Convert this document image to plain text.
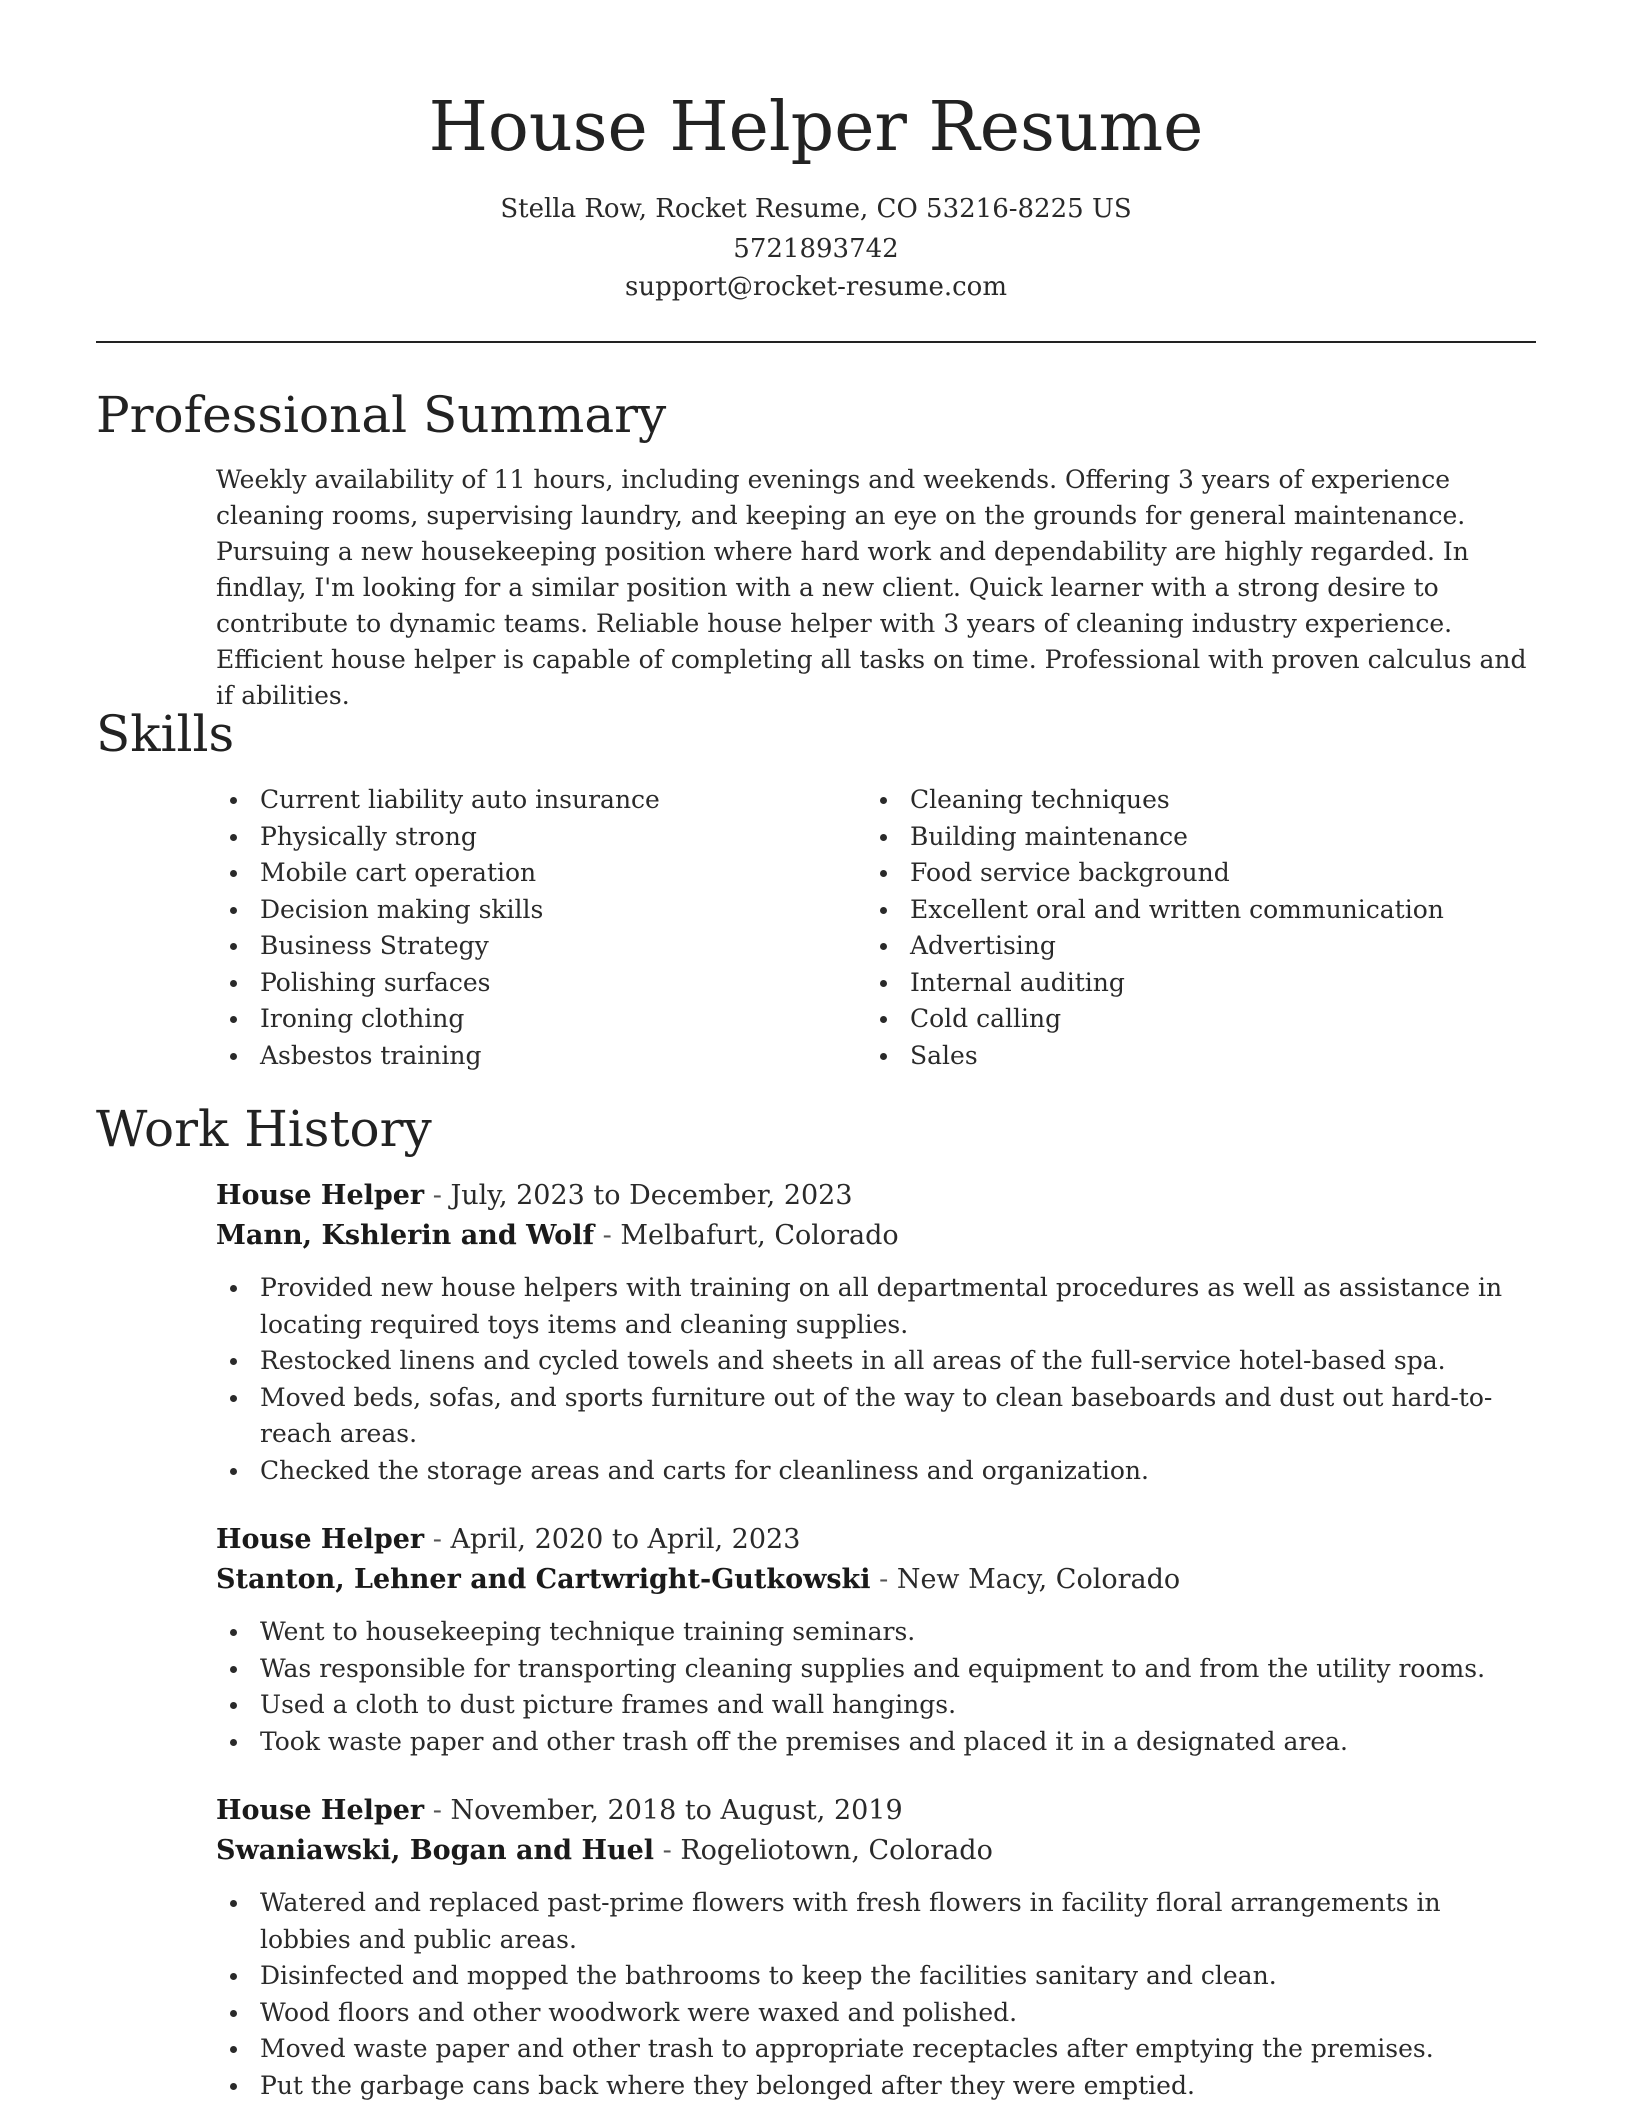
House Helper Resume
Stella Row, Rocket Resume, CO 53216-8225 US
5721893742
support@rocket-resume.com
Professional Summary

Weekly availability of 11 hours, including evenings and weekends. Offering 3 years of experience cleaning rooms, supervising laundry, and keeping an eye on the grounds for general maintenance. Pursuing a new housekeeping position where hard work and dependability are highly regarded. In findlay, I'm looking for a similar position with a new client. Quick learner with a strong desire to contribute to dynamic teams. Reliable house helper with 3 years of cleaning industry experience. Efficient house helper is capable of completing all tasks on time. Professional with proven calculus and if abilities.

Skills
Current liability auto insurance
Physically strong
Mobile cart operation
Decision making skills
Business Strategy
Polishing surfaces
Ironing clothing
Asbestos training
Cleaning techniques
Building maintenance
Food service background
Excellent oral and written communication
Advertising
Internal auditing
Cold calling
Sales
Work History
House Helper - July, 2023 to December, 2023
Mann, Kshlerin and Wolf - Melbafurt, Colorado
Provided new house helpers with training on all departmental procedures as well as assistance in locating required toys items and cleaning supplies.
Restocked linens and cycled towels and sheets in all areas of the full-service hotel-based spa.
Moved beds, sofas, and sports furniture out of the way to clean baseboards and dust out hard-to-reach areas.
Checked the storage areas and carts for cleanliness and organization.
House Helper - April, 2020 to April, 2023
Stanton, Lehner and Cartwright-Gutkowski - New Macy, Colorado
Went to housekeeping technique training seminars.
Was responsible for transporting cleaning supplies and equipment to and from the utility rooms.
Used a cloth to dust picture frames and wall hangings.
Took waste paper and other trash off the premises and placed it in a designated area.
House Helper - November, 2018 to August, 2019
Swaniawski, Bogan and Huel - Rogeliotown, Colorado
Watered and replaced past-prime flowers with fresh flowers in facility floral arrangements in lobbies and public areas.
Disinfected and mopped the bathrooms to keep the facilities sanitary and clean.
Wood floors and other woodwork were waxed and polished.
Moved waste paper and other trash to appropriate receptacles after emptying the premises.
Put the garbage cans back where they belonged after they were emptied.
